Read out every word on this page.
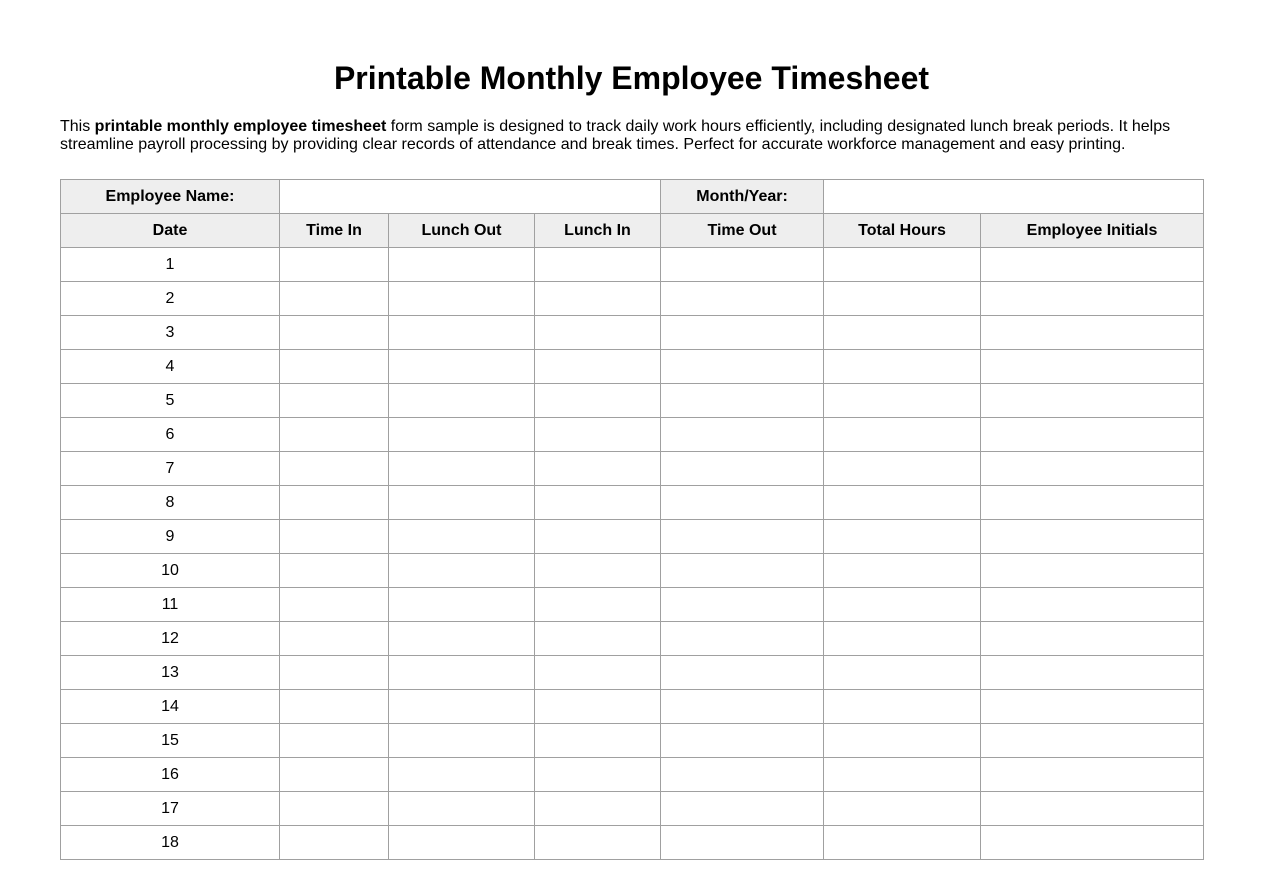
Printable Monthly Employee Timesheet

This printable monthly employee timesheet form sample is designed to track daily work hours efficiently, including designated lunch break periods. It helps streamline payroll processing by providing clear records of attendance and break times. Perfect for accurate workforce management and easy printing.

Employee Name:				Month/Year:		
Date	Time In	Lunch Out	Lunch In	Time Out	Total Hours	Employee Initials
1						
2						
3						
4						
5						
6						
7						
8						
9						
10						
11						
12						
13						
14						
15						
16						
17						
18						
